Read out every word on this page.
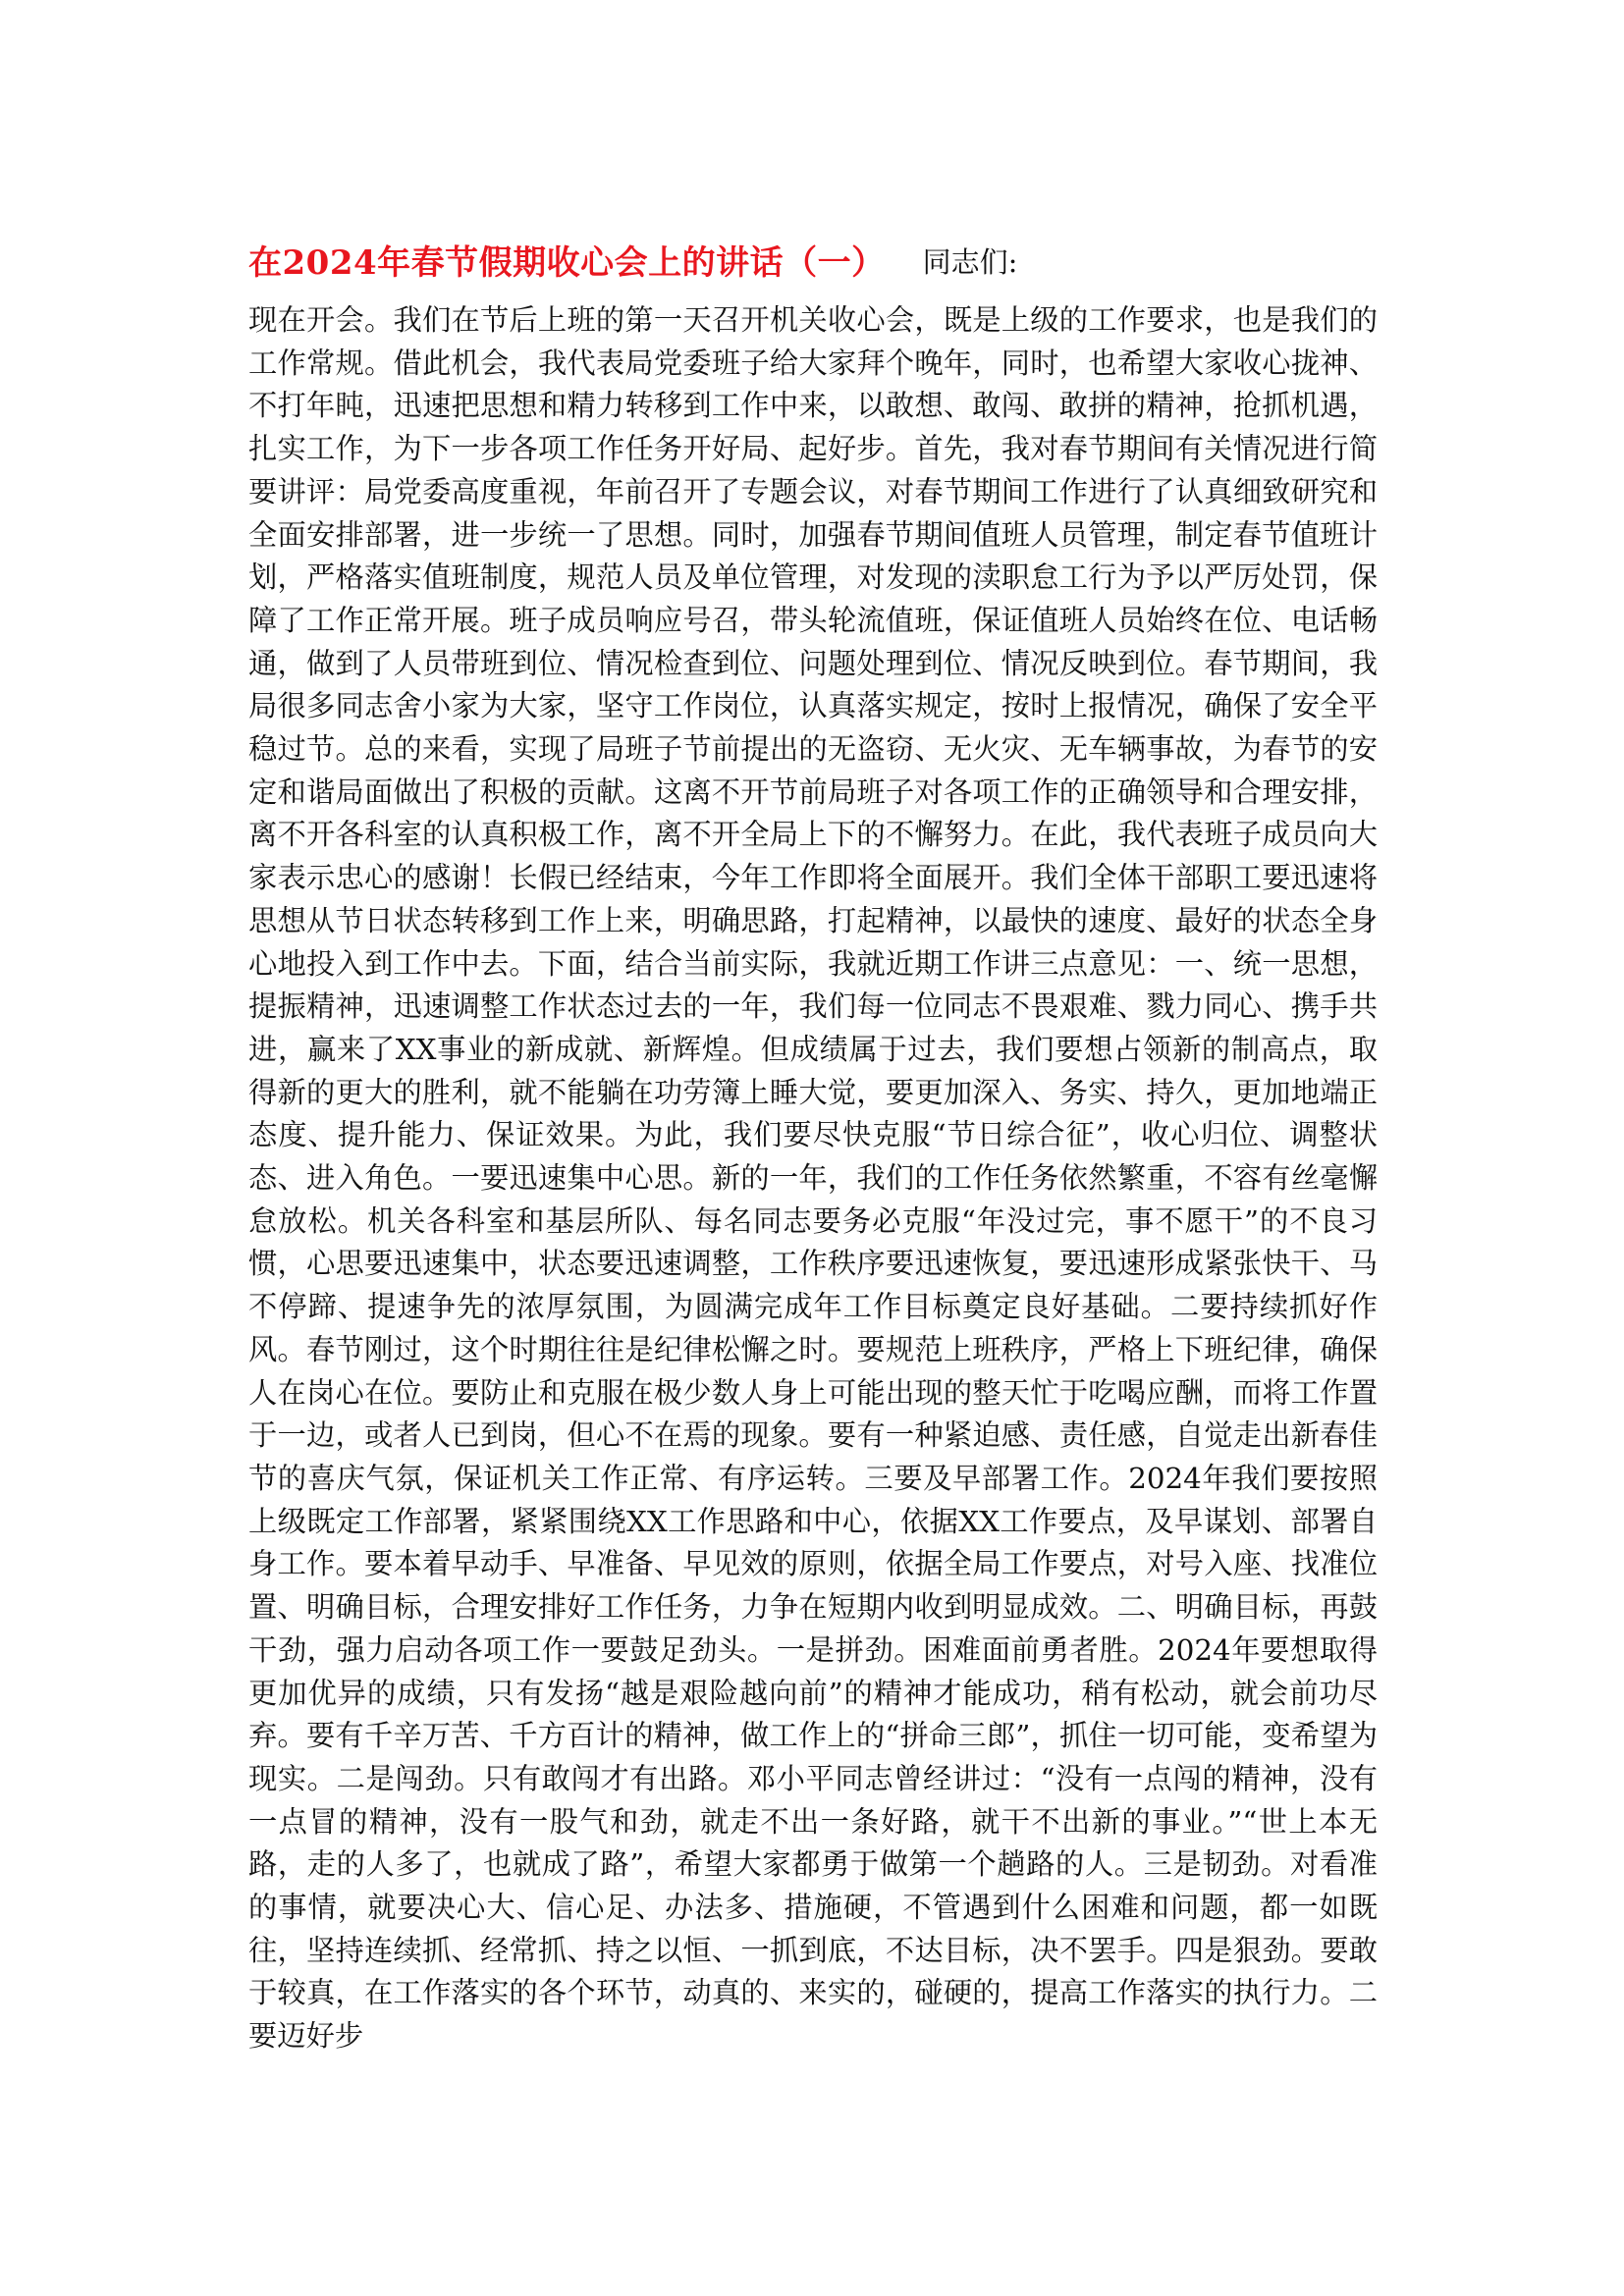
在2024年春节假期收心会上的讲话（一） 同志们:

现在开会。我们在节后上班的第一天召开机关收心会，既是上级的工作要求，也是我们的工作常规。借此机会，我代表局党委班子给大家拜个晚年，同时，也希望大家收心拢神、不打年盹，迅速把思想和精力转移到工作中来，以敢想、敢闯、敢拼的精神，抢抓机遇，扎实工作，为下一步各项工作任务开好局、起好步。首先，我对春节期间有关情况进行简要讲评：局党委高度重视，年前召开了专题会议，对春节期间工作进行了认真细致研究和全面安排部署，进一步统一了思想。同时，加强春节期间值班人员管理，制定春节值班计划，严格落实值班制度，规范人员及单位管理，对发现的渎职怠工行为予以严厉处罚，保障了工作正常开展。班子成员响应号召，带头轮流值班，保证值班人员始终在位、电话畅通，做到了人员带班到位、情况检查到位、问题处理到位、情况反映到位。春节期间，我局很多同志舍小家为大家，坚守工作岗位，认真落实规定，按时上报情况，确保了安全平稳过节。总的来看，实现了局班子节前提出的无盗窃、无火灾、无车辆事故，为春节的安定和谐局面做出了积极的贡献。这离不开节前局班子对各项工作的正确领导和合理安排，离不开各科室的认真积极工作，离不开全局上下的不懈努力。在此，我代表班子成员向大家表示忠心的感谢！长假已经结束，今年工作即将全面展开。我们全体干部职工要迅速将思想从节日状态转移到工作上来，明确思路，打起精神，以最快的速度、最好的状态全身心地投入到工作中去。下面，结合当前实际，我就近期工作讲三点意见：一、统一思想，提振精神，迅速调整工作状态过去的一年，我们每一位同志不畏艰难、戮力同心、携手共进，赢来了XX事业的新成就、新辉煌。但成绩属于过去，我们要想占领新的制高点，取得新的更大的胜利，就不能躺在功劳簿上睡大觉，要更加深入、务实、持久，更加地端正态度、提升能力、保证效果。为此，我们要尽快克服“节日综合征”，收心归位、调整状态、进入角色。一要迅速集中心思。新的一年，我们的工作任务依然繁重，不容有丝毫懈怠放松。机关各科室和基层所队、每名同志要务必克服“年没过完，事不愿干”的不良习惯，心思要迅速集中，状态要迅速调整，工作秩序要迅速恢复，要迅速形成紧张快干、马不停蹄、提速争先的浓厚氛围，为圆满完成年工作目标奠定良好基础。二要持续抓好作风。春节刚过，这个时期往往是纪律松懈之时。要规范上班秩序，严格上下班纪律，确保人在岗心在位。要防止和克服在极少数人身上可能出现的整天忙于吃喝应酬，而将工作置于一边，或者人已到岗，但心不在焉的现象。要有一种紧迫感、责任感，自觉走出新春佳节的喜庆气氛，保证机关工作正常、有序运转。三要及早部署工作。2024年我们要按照上级既定工作部署，紧紧围绕XX工作思路和中心，依据XX工作要点，及早谋划、部署自身工作。要本着早动手、早准备、早见效的原则，依据全局工作要点，对号入座、找准位置、明确目标，合理安排好工作任务，力争在短期内收到明显成效。二、明确目标，再鼓干劲，强力启动各项工作一要鼓足劲头。一是拼劲。困难面前勇者胜。2024年要想取得更加优异的成绩，只有发扬“越是艰险越向前”的精神才能成功，稍有松动，就会前功尽弃。要有千辛万苦、千方百计的精神，做工作上的“拼命三郎”，抓住一切可能，变希望为现实。二是闯劲。只有敢闯才有出路。邓小平同志曾经讲过：“没有一点闯的精神，没有一点冒的精神，没有一股气和劲，就走不出一条好路，就干不出新的事业。”“世上本无路，走的人多了，也就成了路”，希望大家都勇于做第一个趟路的人。三是韧劲。对看准的事情，就要决心大、信心足、办法多、措施硬，不管遇到什么困难和问题，都一如既往，坚持连续抓、经常抓、持之以恒、一抓到底，不达目标，决不罢手。四是狠劲。要敢于较真，在工作落实的各个环节，动真的、来实的，碰硬的，提高工作落实的执行力。二要迈好步
